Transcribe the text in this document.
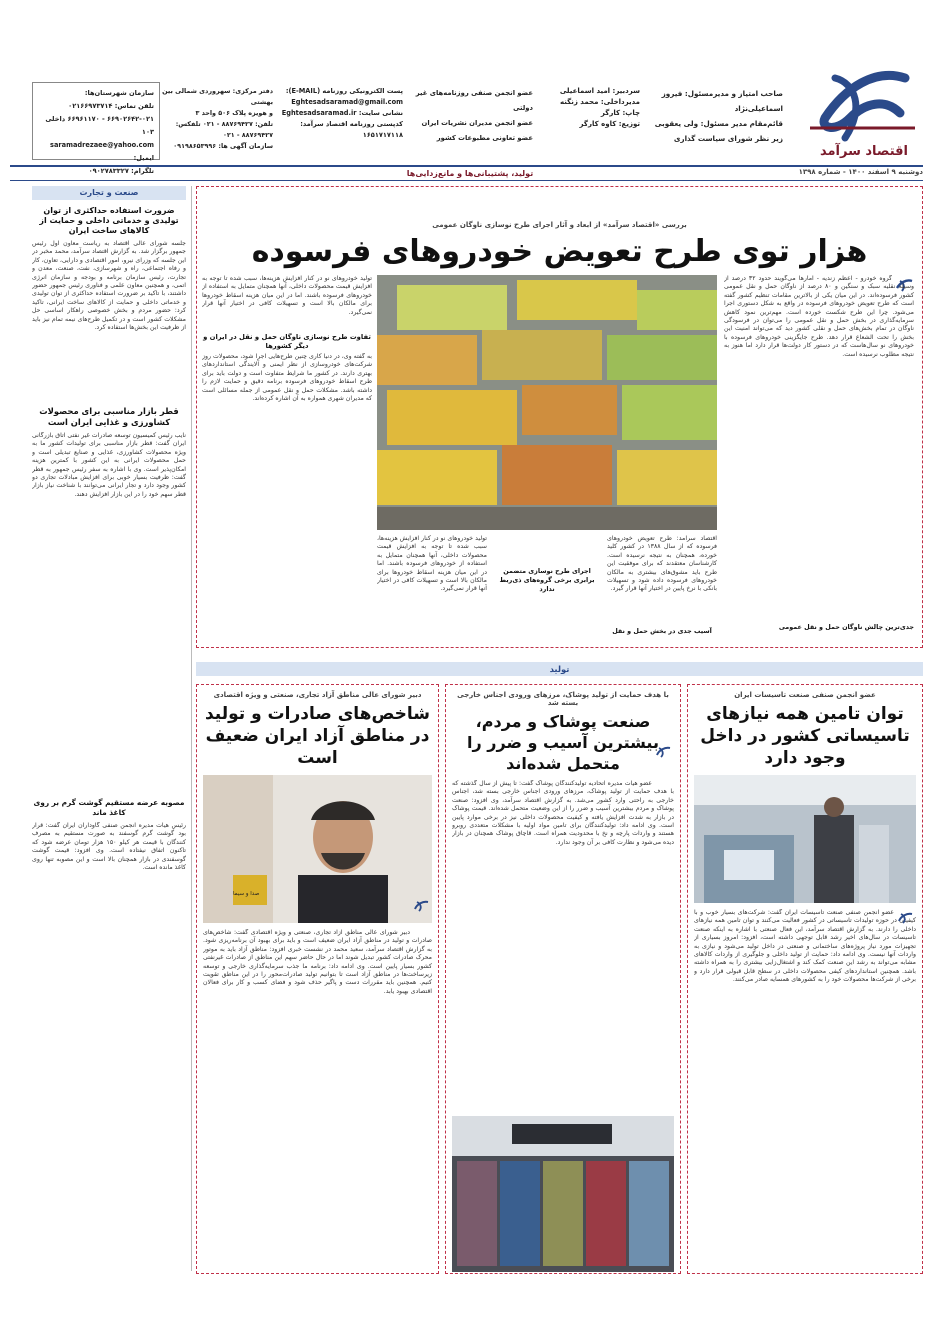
اقتصاد سرآمد
صاحب امتیاز و مدیرمسئول: فیروز اسماعیلی‌نژاد
قائم‌مقام مدیر مسئول: ولی یعقوبی
زیر نظر شورای سیاست گذاری
سردبیر: امید اسماعیلی
مدیرداخلی: محمد زنگنه
چاپ: کارگر
توزیع: کاوه کارگر
عضو انجمن صنفی روزنامه‌های غیر دولتی
عضو انجمن مدیران نشریات ایران
عضو تعاونی مطبوعات کشور
پست الکترونیکی روزنامه (E-MAIL):
Eghtesadsaramad@gmail.com
نشانی سایت: Eghtesadsaramad.ir
کدپستی روزنامه اقتصاد سرآمد: ۱۶۵۱۷۱۷۱۱۸
دفتر مرکزی: سهروردی شمالی بین بهشتی
و هویزه پلاک ۵۰۶ واحد ۳
تلفن: ۸۸۷۶۹۴۲۷ - ۰۲۱ تلفکس: ۸۸۷۶۹۴۲۷ - ۰۲۱
سازمان آگهی ها: ۰۹۱۹۸۶۵۳۹۹۶
سازمان شهرستان‌ها:
تلفن تماس: ۰۲۱۶۶۹۷۳۷۱۴
۶۶۹۰۲۶۴۲-۰۲۱ - ۶۶۹۶۱۱۷۰ داخلی ۱۰۳
saramadrezaee@yahoo.com ایمیل:
تلگرام: ۰۹۰۲۷۸۳۳۲۷	دوشنبه ۹ اسفند ۱۴۰۰ - شماره ۱۳۹۸
تولید، پشتیبانی‌ها و مانع‌زدایی‌ها
صنعت و تجارت
ضرورت استفاده حداکثری از توان تولیدی و خدماتی داخلی و حمایت از کالاهای ساخت ایران
جلسه شورای عالی اقتصاد به ریاست معاون اول رئیس جمهور برگزار شد. به گزارش اقتصاد سرآمد، محمد مخبر در این جلسه که وزرای نیرو، امور اقتصادی و دارایی، تعاون، کار و رفاه اجتماعی، راه و شهرسازی، نفت، صنعت، معدن و تجارت، رئیس سازمان برنامه و بودجه و سازمان انرژی اتمی، و همچنین معاون علمی و فناوری رئیس جمهور حضور داشتند، با تاکید بر ضرورت استفاده حداکثری از توان تولیدی و خدماتی داخلی و حمایت از کالاهای ساخت ایرانی، تاکید کرد: حضور مردم و بخش خصوصی راهکار اساسی حل مشکلات کشور است و در تکمیل طرح‌های نیمه تمام نیز باید از ظرفیت این بخش‌ها استفاده کرد.
قطر بازار مناسبی برای محصولات کشاورزی و غذایی ایران است
نایب رئیس کمیسیون توسعه صادرات غیر نفتی اتاق بازرگانی ایران گفت: قطر بازار مناسبی برای تولیدات کشور ما به ویژه محصولات کشاورزی، غذایی و صنایع تبدیلی است و حمل محصولات ایرانی به این کشور با کمترین هزینه امکان‌پذیر است. وی با اشاره به سفر رئیس جمهور به قطر گفت: ظرفیت بسیار خوبی برای افزایش مبادلات تجاری دو کشور وجود دارد و تجار ایرانی می‌توانند با شناخت نیاز بازار قطر سهم خود را در این بازار افزایش دهند.
مصوبه عرضه مستقیم گوشت گرم بر روی کاغذ ماند
رئیس هیات مدیره انجمن صنفی گاوداران ایران گفت: قرار بود گوشت گرم گوسفند به صورت مستقیم به مصرف کنندگان با قیمت هر کیلو ۱۵۰ هزار تومان عرضه شود که تاکنون اتفاق نیفتاده است. وی افزود: قیمت گوشت گوسفندی در بازار همچنان بالا است و این مصوبه تنها روی کاغذ مانده است.
بررسی «اقتصاد سرآمد» از ابعاد و آثار اجرای طرح نوسازی ناوگان عمومی
هزار توی طرح تعویض خودروهای فرسوده
گروه خودرو - اعظم زندیه - آمارها می‌گویند حدود ۳۲ درصد از وسیله نقلیه سبک و سنگین و ۸۰ درصد از ناوگان حمل و نقل عمومی کشور فرسوده‌اند. در این میان یکی از بالاترین مقامات تنظیم کشور گفته است که طرح تعویض خودروهای فرسوده در واقع به شکل دستوری اجرا می‌شود. چرا این طرح شکست خورده است. مهم‌ترین نمود کاهش سرمایه‌گذاری در بخش حمل و نقل عمومی را می‌توان در فرسودگی ناوگان در تمام بخش‌های حمل و نقلی کشور دید که می‌تواند امنیت این بخش را تحت الشعاع قرار دهد. طرح جایگزینی خودروهای فرسوده با خودروهای نو سال‌هاست که در دستور کار دولت‌ها قرار دارد اما هنوز به نتیجه مطلوب نرسیده است.
تولید خودروهای نو در کنار افزایش هزینه‌ها، سبب شده تا توجه به افزایش قیمت محصولات داخلی، آنها همچنان متمایل به استفاده از خودروهای فرسوده باشند. اما در این میان هزینه اسقاط خودروها برای مالکان بالا است و تسهیلات کافی در اختیار آنها قرار نمی‌گیرد.
تفاوت طرح نوسازی ناوگان حمل و نقل در ایران و دیگر کشورها
به گفته وی، در دنیا کاری چنین طرح‌هایی اجرا شود، محصولات روز شرکت‌های خودروسازی از نظر ایمنی و آلایندگی استانداردهای بهتری دارند. در کشور ما شرایط متفاوت است و دولت باید برای طرح اسقاط خودروهای فرسوده برنامه دقیق و حمایت لازم را داشته باشد. مشکلات حمل و نقل عمومی از جمله مسائلی است که مدیران شهری همواره به آن اشاره کرده‌اند.
اقتصاد سرآمد: طرح تعویض خودروهای فرسوده که از سال ۱۳۸۸ در کشور کلید خورده، همچنان به نتیجه نرسیده است. کارشناسان معتقدند که برای موفقیت این طرح باید مشوق‌های بیشتری به مالکان خودروهای فرسوده داده شود و تسهیلات بانکی با نرخ پایین در اختیار آنها قرار گیرد.
اجرای طرح نوسازی متضمن برابری برخی گروه‌های ذی‌ربط ندارد
آسیب جدی در بخش حمل و نقل	جدی‌ترین چالش ناوگان حمل و نقل عمومی
تولید خودروهای نو در کنار افزایش هزینه‌ها، سبب شده تا توجه به افزایش قیمت محصولات داخلی، آنها همچنان متمایل به استفاده از خودروهای فرسوده باشند. اما در این میان هزینه اسقاط خودروها برای مالکان بالا است و تسهیلات کافی در اختیار آنها قرار نمی‌گیرد.
تولید
عضو انجمن صنفی صنعت تاسیسات ایران
توان تامین همه نیازهای تاسیساتی کشور در داخل وجود دارد
عضو انجمن صنفی صنعت تاسیسات ایران گفت: شرکت‌های بسیار خوب و با کیفیتی در حوزه تولیدات تاسیساتی در کشور فعالیت می‌کنند و توان تامین همه نیازهای داخلی را دارند. به گزارش اقتصاد سرآمد، این فعال صنعتی با اشاره به اینکه صنعت تاسیسات در سال‌های اخیر رشد قابل توجهی داشته است، افزود: امروز بسیاری از تجهیزات مورد نیاز پروژه‌های ساختمانی و صنعتی در داخل تولید می‌شود و نیازی به واردات آنها نیست. وی ادامه داد: حمایت از تولید داخلی و جلوگیری از واردات کالاهای مشابه می‌تواند به رشد این صنعت کمک کند و اشتغال‌زایی بیشتری را به همراه داشته باشد. همچنین استانداردهای کیفی محصولات داخلی در سطح قابل قبولی قرار دارد و برخی از شرکت‌ها محصولات خود را به کشورهای همسایه صادر می‌کنند.
با هدف حمایت از تولید پوشاک، مرزهای ورودی اجناس خارجی بسته شد
صنعت پوشاک و مردم، بیشترین آسیب و ضرر را متحمل شده‌اند
عضو هیات مدیره اتحادیه تولیدکنندگان پوشاک گفت: تا پیش از سال گذشته که با هدف حمایت از تولید پوشاک، مرزهای ورودی اجناس خارجی بسته شد، اجناس خارجی به راحتی وارد کشور می‌شد. به گزارش اقتصاد سرآمد، وی افزود: صنعت پوشاک و مردم بیشترین آسیب و ضرر را از این وضعیت متحمل شده‌اند. قیمت پوشاک در بازار به شدت افزایش یافته و کیفیت محصولات داخلی نیز در برخی موارد پایین است. وی ادامه داد: تولیدکنندگان برای تامین مواد اولیه با مشکلات متعددی روبرو هستند و واردات پارچه و نخ با محدودیت همراه است. قاچاق پوشاک همچنان در بازار دیده می‌شود و نظارت کافی بر آن وجود ندارد.
دبیر شورای عالی مناطق آزاد تجاری، صنعتی و ویژه اقتصادی
شاخص‌های صادرات و تولید در مناطق آزاد ایران ضعیف است
صدا و سیما
دبیر شورای عالی مناطق آزاد تجاری، صنعتی و ویژه اقتصادی گفت: شاخص‌های صادرات و تولید در مناطق آزاد ایران ضعیف است و باید برای بهبود آن برنامه‌ریزی شود. به گزارش اقتصاد سرآمد، سعید محمد در نشست خبری افزود: مناطق آزاد باید به موتور محرک صادرات کشور تبدیل شوند اما در حال حاضر سهم این مناطق از صادرات غیرنفتی کشور بسیار پایین است. وی ادامه داد: برنامه ما جذب سرمایه‌گذاری خارجی و توسعه زیرساخت‌ها در مناطق آزاد است تا بتوانیم تولید صادرات‌محور را در این مناطق تقویت کنیم. همچنین باید مقررات دست و پاگیر حذف شود و فضای کسب و کار برای فعالان اقتصادی بهبود یابد.
